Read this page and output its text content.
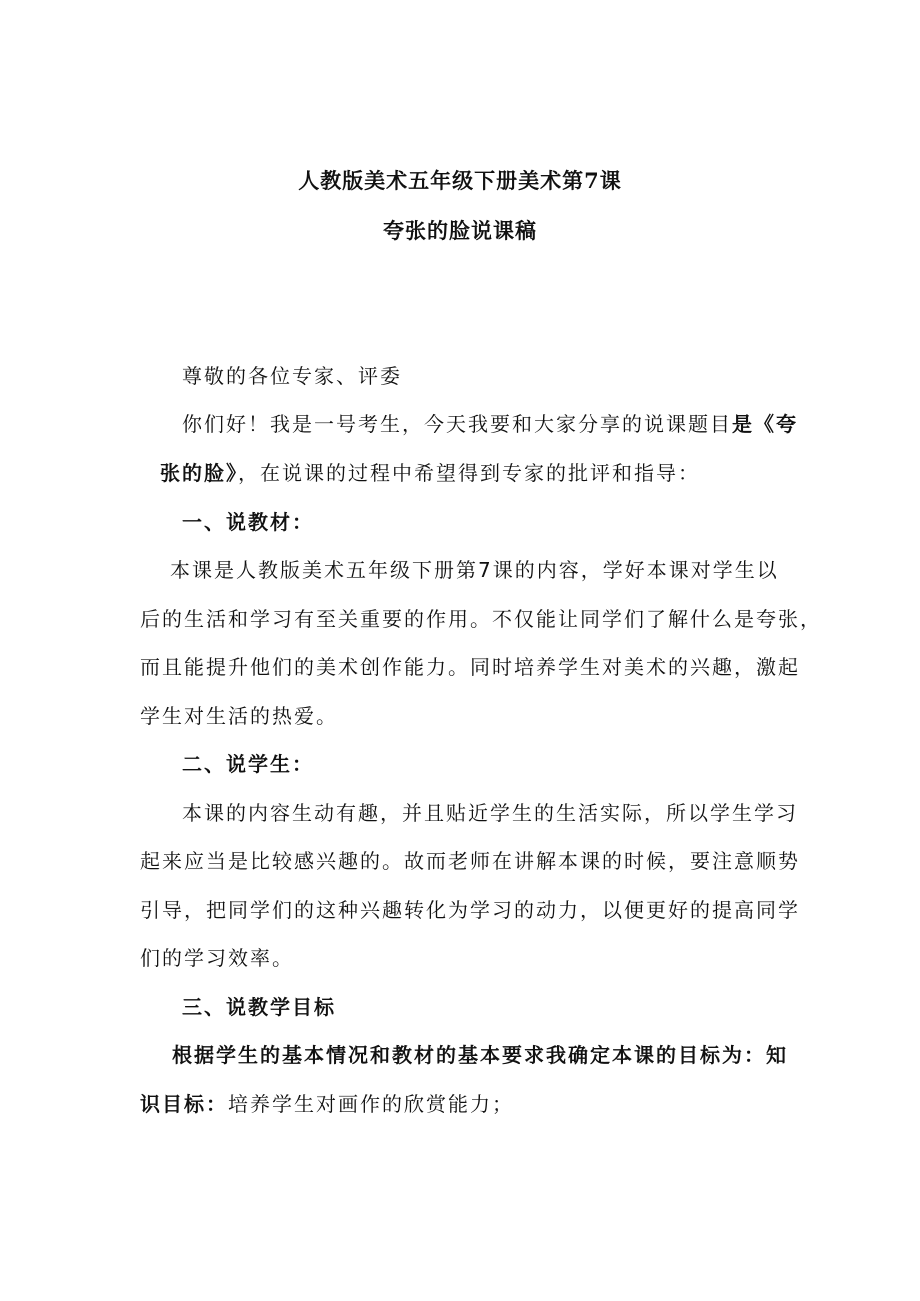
人教版美术五年级下册美术第7课
夸张的脸说课稿
尊敬的各位专家、评委
你们好！我是一号考生，今天我要和大家分享的说课题目是《夸
张的脸》，在说课的过程中希望得到专家的批评和指导：
一、说教材：
本课是人教版美术五年级下册第7课的内容，学好本课对学生以
后的生活和学习有至关重要的作用。不仅能让同学们了解什么是夸张，
而且能提升他们的美术创作能力。同时培养学生对美术的兴趣，激起
学生对生活的热爱。
二、说学生：
本课的内容生动有趣，并且贴近学生的生活实际，所以学生学习
起来应当是比较感兴趣的。故而老师在讲解本课的时候，要注意顺势
引导，把同学们的这种兴趣转化为学习的动力，以便更好的提高同学
们的学习效率。
三、说教学目标
根据学生的基本情况和教材的基本要求我确定本课的目标为：知
识目标：培养学生对画作的欣赏能力；
